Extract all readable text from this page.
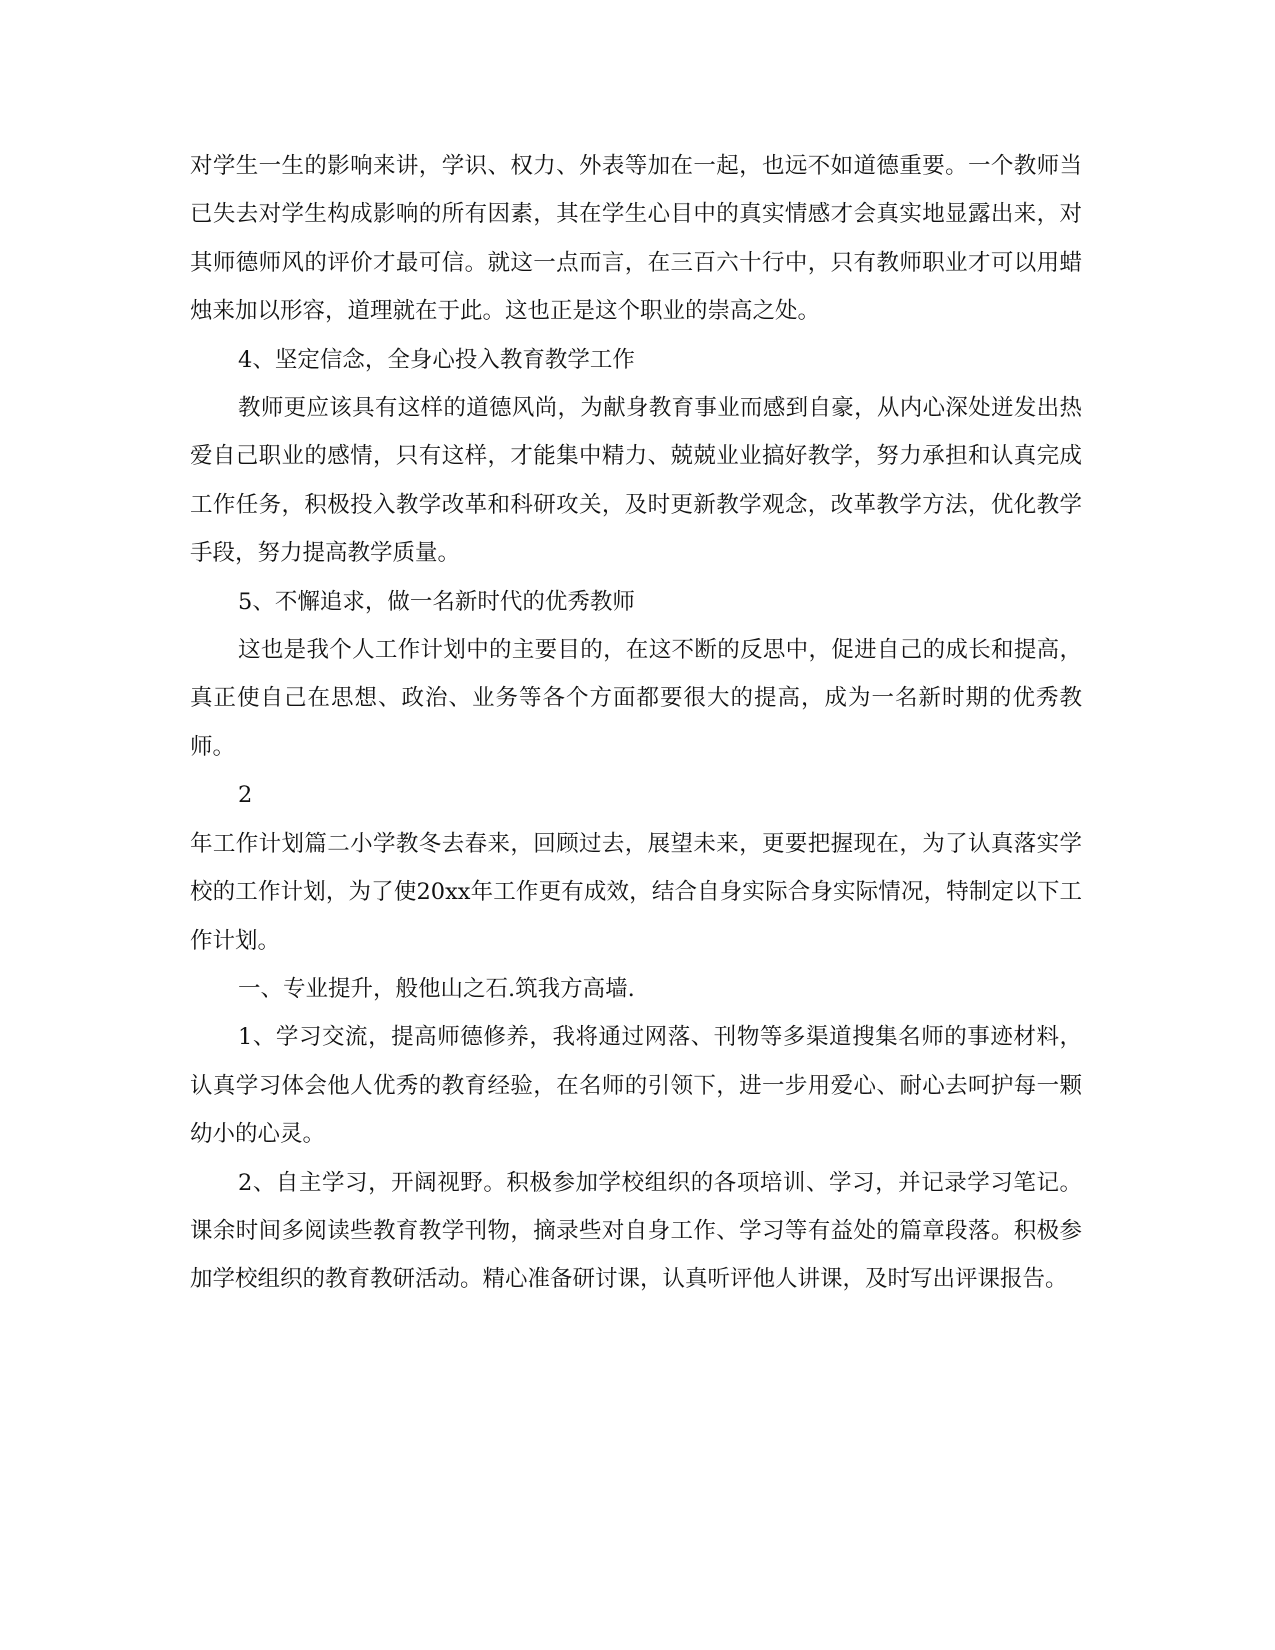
对学生一生的影响来讲，学识、权力、外表等加在一起，也远不如道德重要。一个教师当已失去对学生构成影响的所有因素，其在学生心目中的真实情感才会真实地显露出来，对其师德师风的评价才最可信。就这一点而言，在三百六十行中，只有教师职业才可以用蜡烛来加以形容，道理就在于此。这也正是这个职业的崇高之处。

4、坚定信念，全身心投入教育教学工作

教师更应该具有这样的道德风尚，为献身教育事业而感到自豪，从内心深处迸发出热爱自己职业的感情，只有这样，才能集中精力、兢兢业业搞好教学，努力承担和认真完成工作任务，积极投入教学改革和科研攻关，及时更新教学观念，改革教学方法，优化教学手段，努力提高教学质量。

5、不懈追求，做一名新时代的优秀教师

这也是我个人工作计划中的主要目的，在这不断的反思中，促进自己的成长和提高，真正使自己在思想、政治、业务等各个方面都要很大的提高，成为一名新时期的优秀教师。

2

年工作计划篇二小学教冬去春来，回顾过去，展望未来，更要把握现在，为了认真落实学校的工作计划，为了使20xx年工作更有成效，结合自身实际合身实际情况，特制定以下工作计划。

一、专业提升，般他山之石.筑我方高墙.

1、学习交流，提高师德修养，我将通过网落、刊物等多渠道搜集名师的事迹材料，认真学习体会他人优秀的教育经验，在名师的引领下，进一步用爱心、耐心去呵护每一颗幼小的心灵。

2、自主学习，开阔视野。积极参加学校组织的各项培训、学习，并记录学习笔记。课余时间多阅读些教育教学刊物，摘录些对自身工作、学习等有益处的篇章段落。积极参加学校组织的教育教研活动。精心准备研讨课，认真听评他人讲课，及时写出评课报告。
